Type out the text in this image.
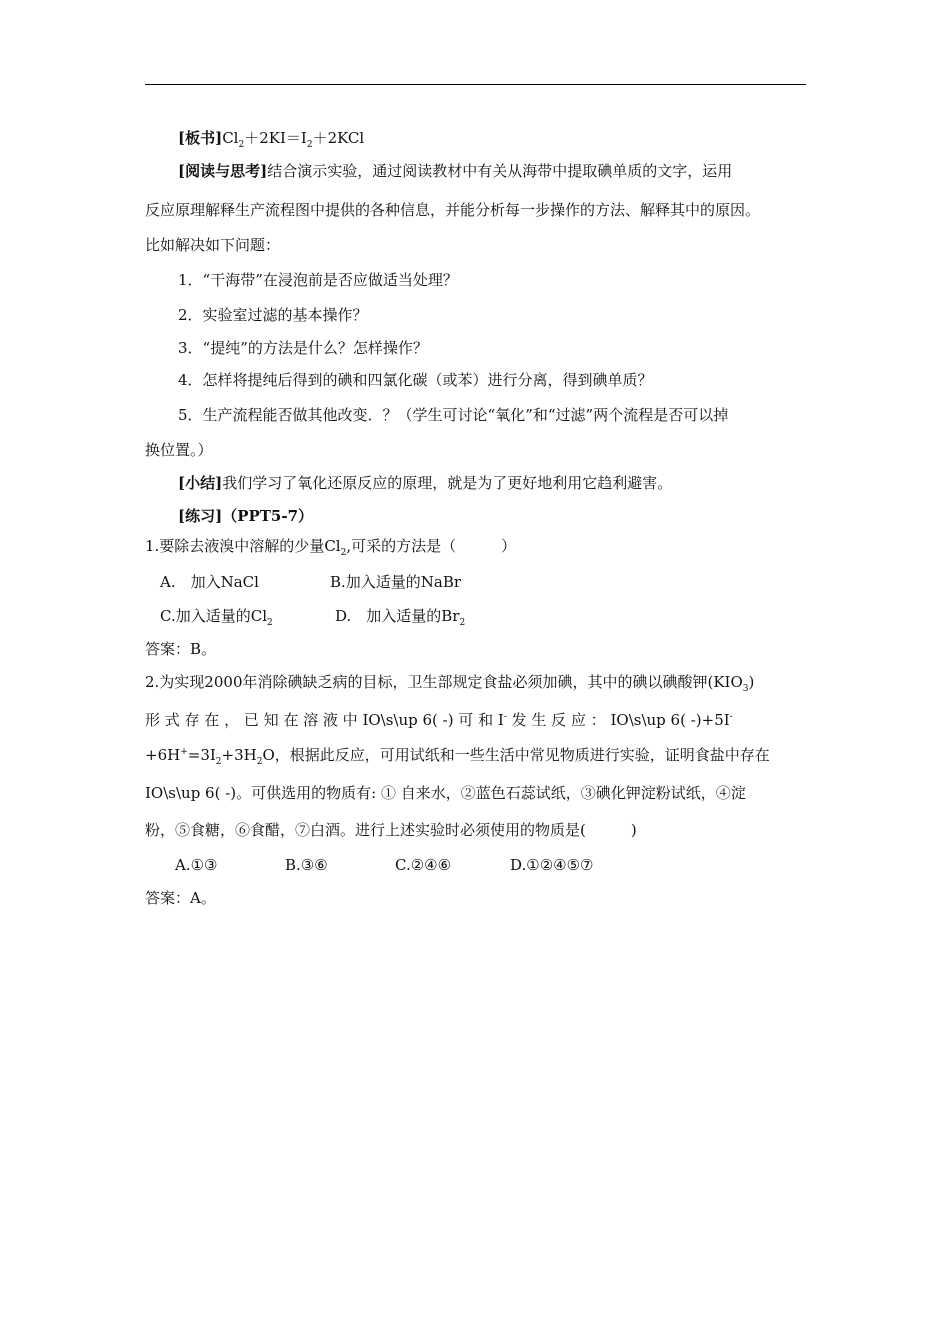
[板书]$Cl_2+2KI=I_2+2KCl$
[阅读与思考]结合演示实验，通过阅读教材中有关从海带中提取碘单质的文字，运用
反应原理解释生产流程图中提供的各种信息，并能分析每一步操作的方法、解释其中的原因。
比如解决如下问题：
1．“干海带”在浸泡前是否应做适当处理？
2．实验室过滤的基本操作？
3．“提纯”的方法是什么？怎样操作？
4．怎样将提纯后得到的碘和四氯化碳（或苯）进行分离，得到碘单质？
5．生产流程能否做其他改变．？（学生可讨论“氧化”和“过滤”两个流程是否可以掉
换位置。）
[小结]我们学习了氧化还原反应的原理，就是为了更好地利用它趋利避害。
[练习]（PPT5-7）
1.要除去液溴中溶解的少量$Cl_2$,可采的方法是（　　　）
A.　加入NaCl	B.加入适量的NaBr
C.加入适量的$Cl_2$	D.　加入适量的$Br_2$
答案：B。
2.为实现2000年消除碘缺乏病的目标，卫生部规定食盐必须加碘，其中的碘以碘酸钾$(KIO_3)$
形 式 存 在 ， 已 知 在 溶 液 中 IO\s\up 6( -) 可 和 I- 发 生 反 应 ： IO\s\up 6( -)+5I-
$+6H^+=3I_2+3H_2O$，根据此反应，可用试纸和一些生活中常见物质进行实验，证明食盐中存在
IO\s\up 6( -)。可供选用的物质有: ① 自来水，②蓝色石蕊试纸，③碘化钾淀粉试纸，④淀
粉，⑤食糖，⑥食醋，⑦白酒。进行上述实验时必须使用的物质是(　　　)
A.①③	B.③⑥	C.②④⑥	D.①②④⑤⑦
答案：A。
